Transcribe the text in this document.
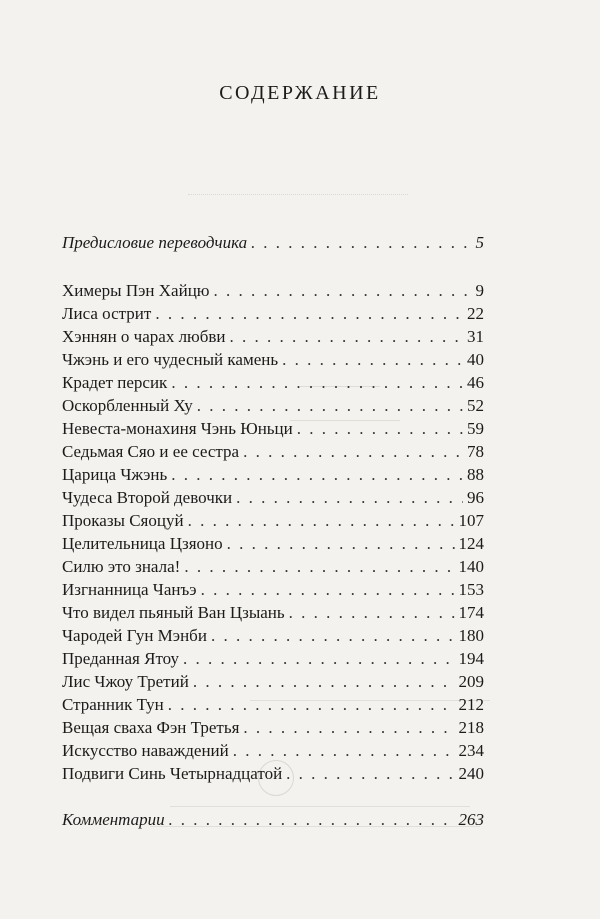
СОДЕРЖАНИЕ
Предисловие переводчика . . .	5
Химеры Пэн Хайцю . . .	9
Лиса острит . . .	22
Хэннян о чарах любви . . .	31
Чжэнь и его чудесный камень . . .	40
Крадет персик . . .	46
Оскорбленный Ху . . .	52
Невеста-монахиня Чэнь Юньци . . .	59
Седьмая Сяо и ее сестра . . .	78
Царица Чжэнь . . .	88
Чудеса Второй девочки . . .	96
Проказы Сяоцуй . . .	107
Целительница Цзяоно . . .	124
Силю это знала! . . .	140
Изгнанница Чанъэ . . .	153
Что видел пьяный Ван Цзыань . . .	174
Чародей Гун Мэнби . . .	180
Преданная Ятоу . . .	194
Лис Чжоу Третий . . .	209
Странник Тун . . .	212
Вещая сваха Фэн Третья . . .	218
Искусство наваждений . . .	234
Подвиги Синь Четырнадцатой . . .	240
Комментарии . . .	263
